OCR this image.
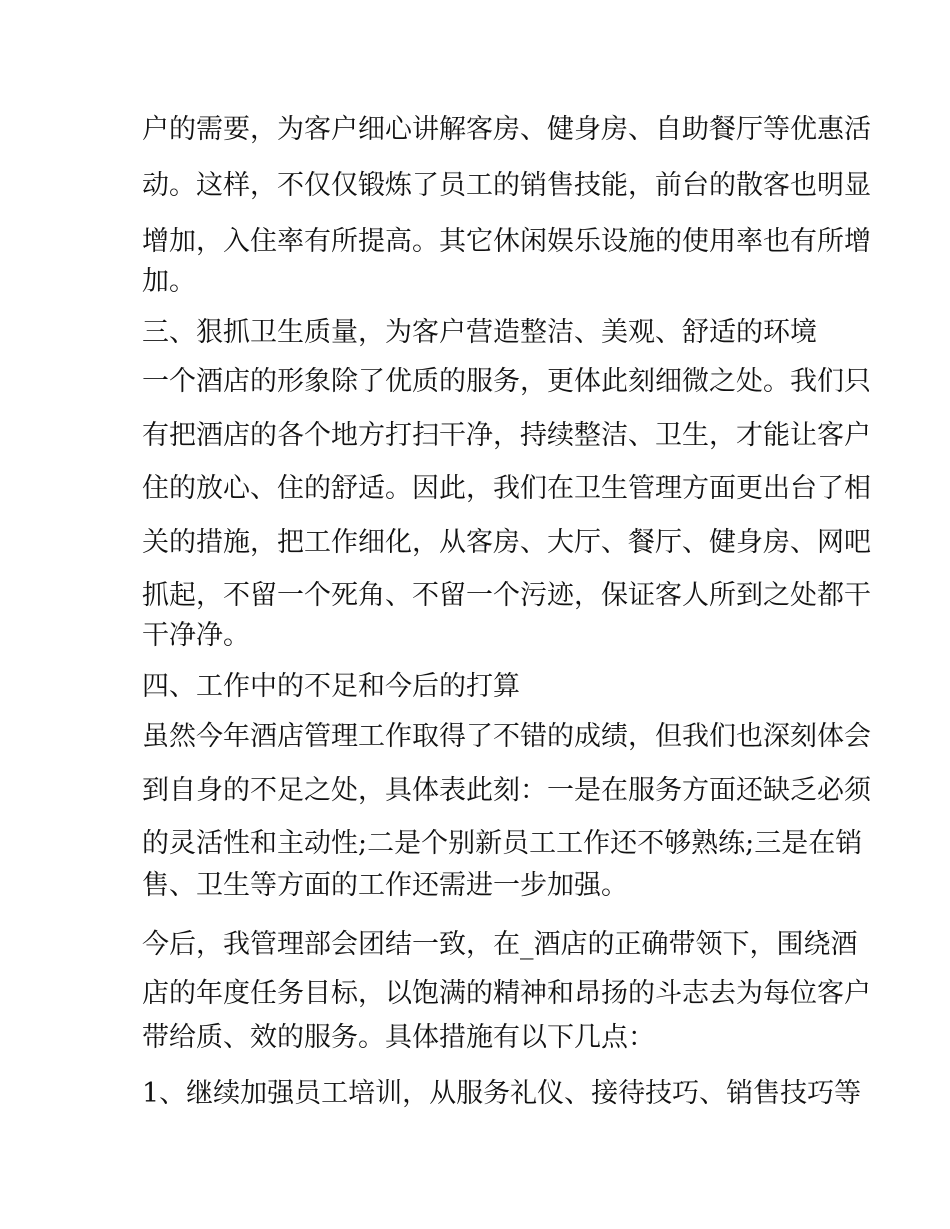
户的需要，为客户细心讲解客房、健身房、自助餐厅等优惠活

动。这样，不仅仅锻炼了员工的销售技能，前台的散客也明显

增加，入住率有所提高。其它休闲娱乐设施的使用率也有所增

加。

三、狠抓卫生质量，为客户营造整洁、美观、舒适的环境

一个酒店的形象除了优质的服务，更体此刻细微之处。我们只

有把酒店的各个地方打扫干净，持续整洁、卫生，才能让客户

住的放心、住的舒适。因此，我们在卫生管理方面更出台了相

关的措施，把工作细化，从客房、大厅、餐厅、健身房、网吧

抓起，不留一个死角、不留一个污迹，保证客人所到之处都干

干净净。

四、工作中的不足和今后的打算

虽然今年酒店管理工作取得了不错的成绩，但我们也深刻体会

到自身的不足之处，具体表此刻：一是在服务方面还缺乏必须

的灵活性和主动性;二是个别新员工工作还不够熟练;三是在销

售、卫生等方面的工作还需进一步加强。

今后，我管理部会团结一致，在_酒店的正确带领下，围绕酒

店的年度任务目标，以饱满的精神和昂扬的斗志去为每位客户

带给质、效的服务。具体措施有以下几点：

1、继续加强员工培训，从服务礼仪、接待技巧、销售技巧等
